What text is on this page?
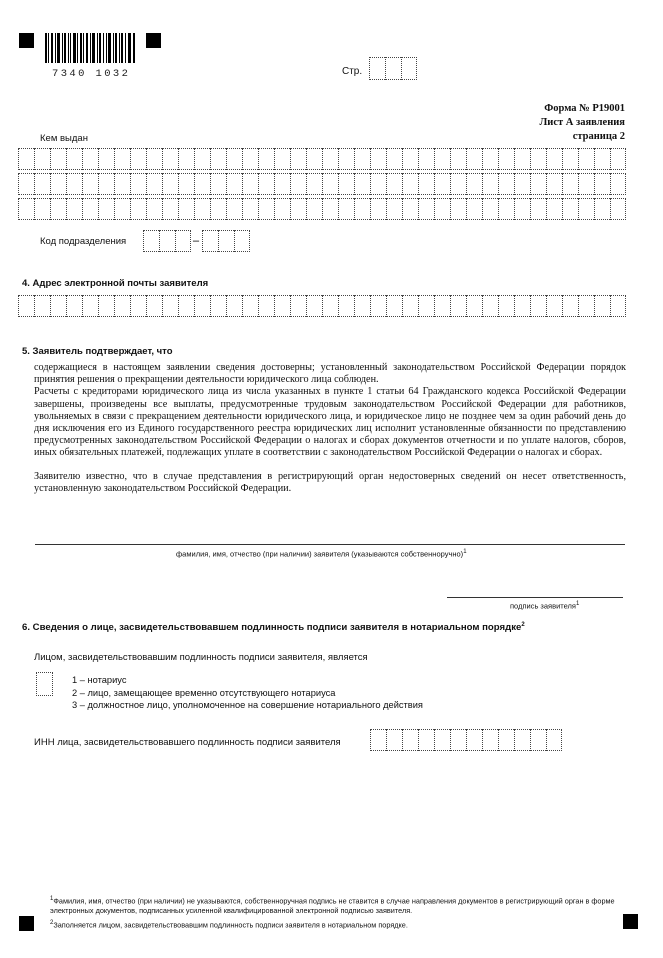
7340 1032	Стр.
Форма № Р19001
Лист А заявления
страница 2
Кем выдан
Код подразделения	–
4. Адрес электронной почты заявителя
5. Заявитель подтверждает, что

содержащиеся в настоящем заявлении сведения достоверны; установленный законодательством Российской Федерации порядок принятия решения о прекращении деятельности юридического лица соблюден.

Расчеты с кредиторами юридического лица из числа указанных в пункте 1 статьи 64 Гражданского кодекса Российской Федерации завершены, произведены все выплаты, предусмотренные трудовым законодательством Российской Федерации для работников, увольняемых в связи с прекращением деятельности юридического лица, и юридическое лицо не позднее чем за один рабочий день до дня исключения его из Единого государственного реестра юридических лиц исполнит установленные обязанности по представлению предусмотренных законодательством Российской Федерации о налогах и сборах документов отчетности и по уплате налогов, сборов, иных обязательных платежей, подлежащих уплате в соответствии с законодательством Российской Федерации о налогах и сборах.

Заявителю известно, что в случае представления в регистрирующий орган недостоверных сведений он несет ответственность, установленную законодательством Российской Федерации.

фамилия, имя, отчество (при наличии) заявителя (указываются собственноручно)$^1$
подпись заявителя$^1$
6. Сведения о лице, засвидетельствовавшем подлинность подписи заявителя в нотариальном порядке$^2$
Лицом, засвидетельствовавшим подлинность подписи заявителя, является
1 – нотариус
2 – лицо, замещающее временно отсутствующего нотариуса
3 – должностное лицо, уполномоченное на совершение нотариального действия
ИНН лица, засвидетельствовавшего подлинность подписи заявителя
$^1$Фамилия, имя, отчество (при наличии) не указываются, собственноручная подпись не ставится в случае направления документов в регистрирующий орган в форме электронных документов, подписанных усиленной квалифицированной электронной подписью заявителя.
$^2$Заполняется лицом, засвидетельствовавшим подлинность подписи заявителя в нотариальном порядке.
